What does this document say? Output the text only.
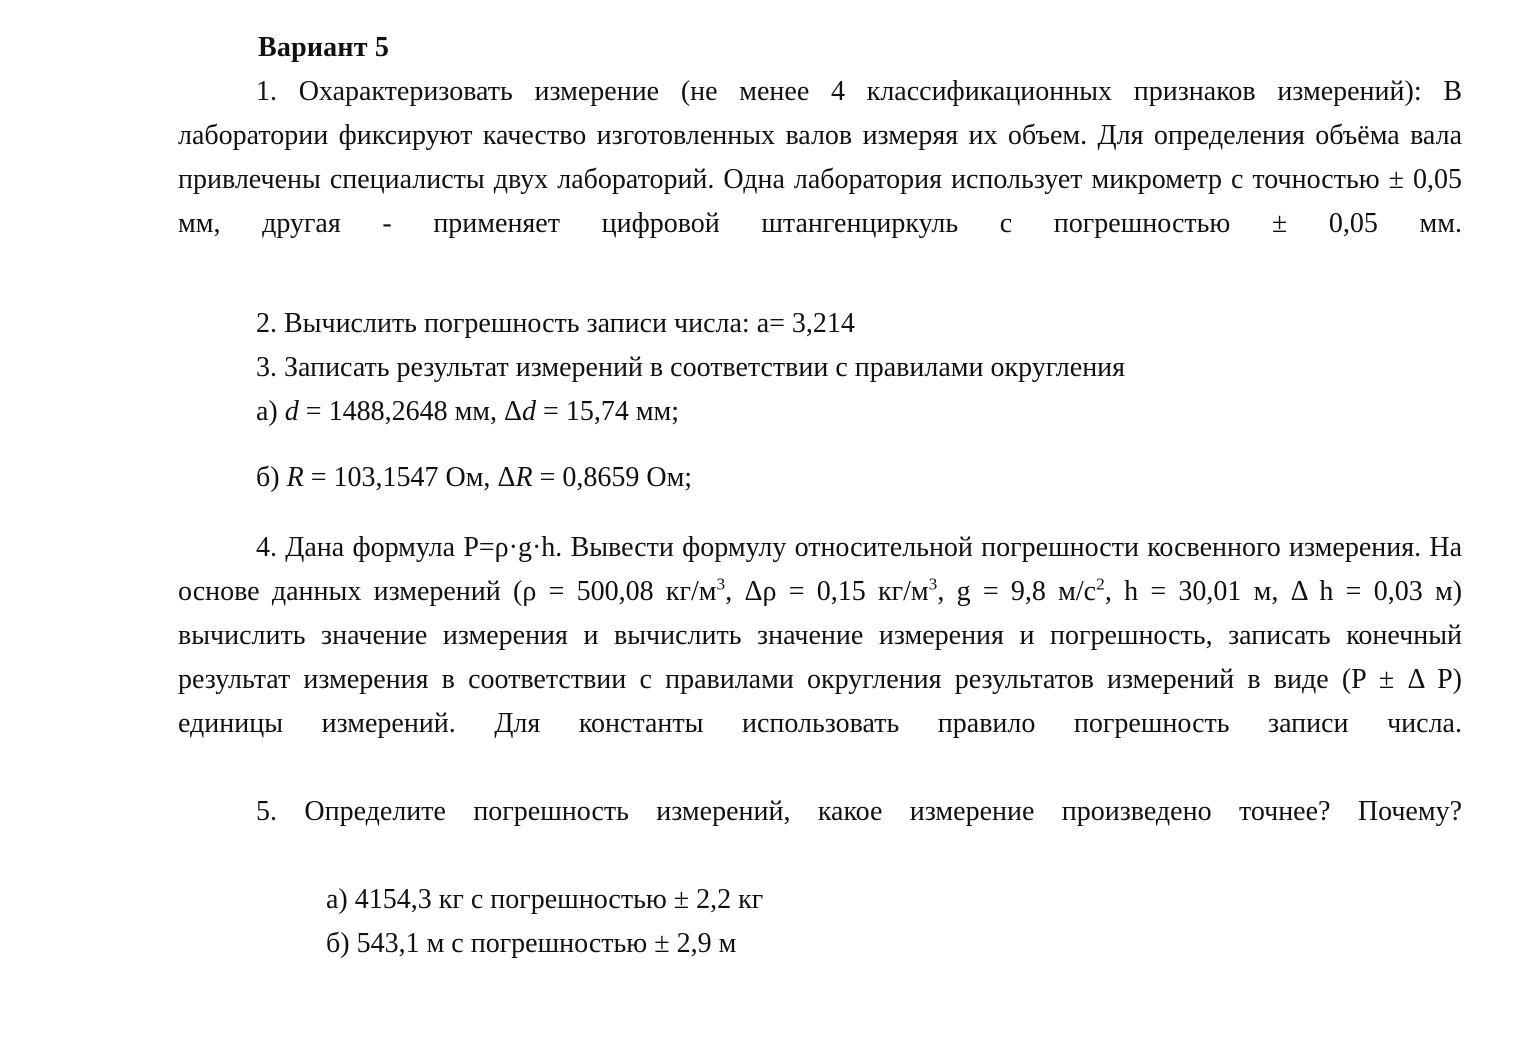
Вариант 5

1. Охарактеризовать измерение (не менее 4 классификационных признаков измерений): В лаборатории фиксируют качество изготовленных валов измеряя их объем. Для определения объёма вала привлечены специалисты двух лабораторий. Одна лаборатория использует микрометр с точностью ± 0,05 мм, другая - применяет цифровой штангенциркуль с погрешностью ± 0,05 мм.

2. Вычислить погрешность записи числа: a= 3,214

3. Записать результат измерений в соответствии с правилами округления

а) d = 1488,2648 мм, Δd = 15,74 мм;

б) R = 103,1547 Ом, ΔR = 0,8659 Ом;

4. Дана формула P=ρ·g·h. Вывести формулу относительной погрешности косвенного измерения. На основе данных измерений (ρ = 500,08 $кг/м^3$, Δρ = 0,15 $кг/м^3$, g = 9,8 $м/с^2$, h = 30,01 м, Δ h = 0,03 м) вычислить значение измерения и вычислить значение измерения и погрешность, записать конечный результат измерения в соответствии с правилами округления результатов измерений в виде (P ± Δ P) единицы измерений. Для константы использовать правило погрешность записи числа.

5. Определите погрешность измерений, какое измерение произведено точнее? Почему?

а) 4154,3 кг с погрешностью ± 2,2 кг

б) 543,1 м с погрешностью ± 2,9 м
